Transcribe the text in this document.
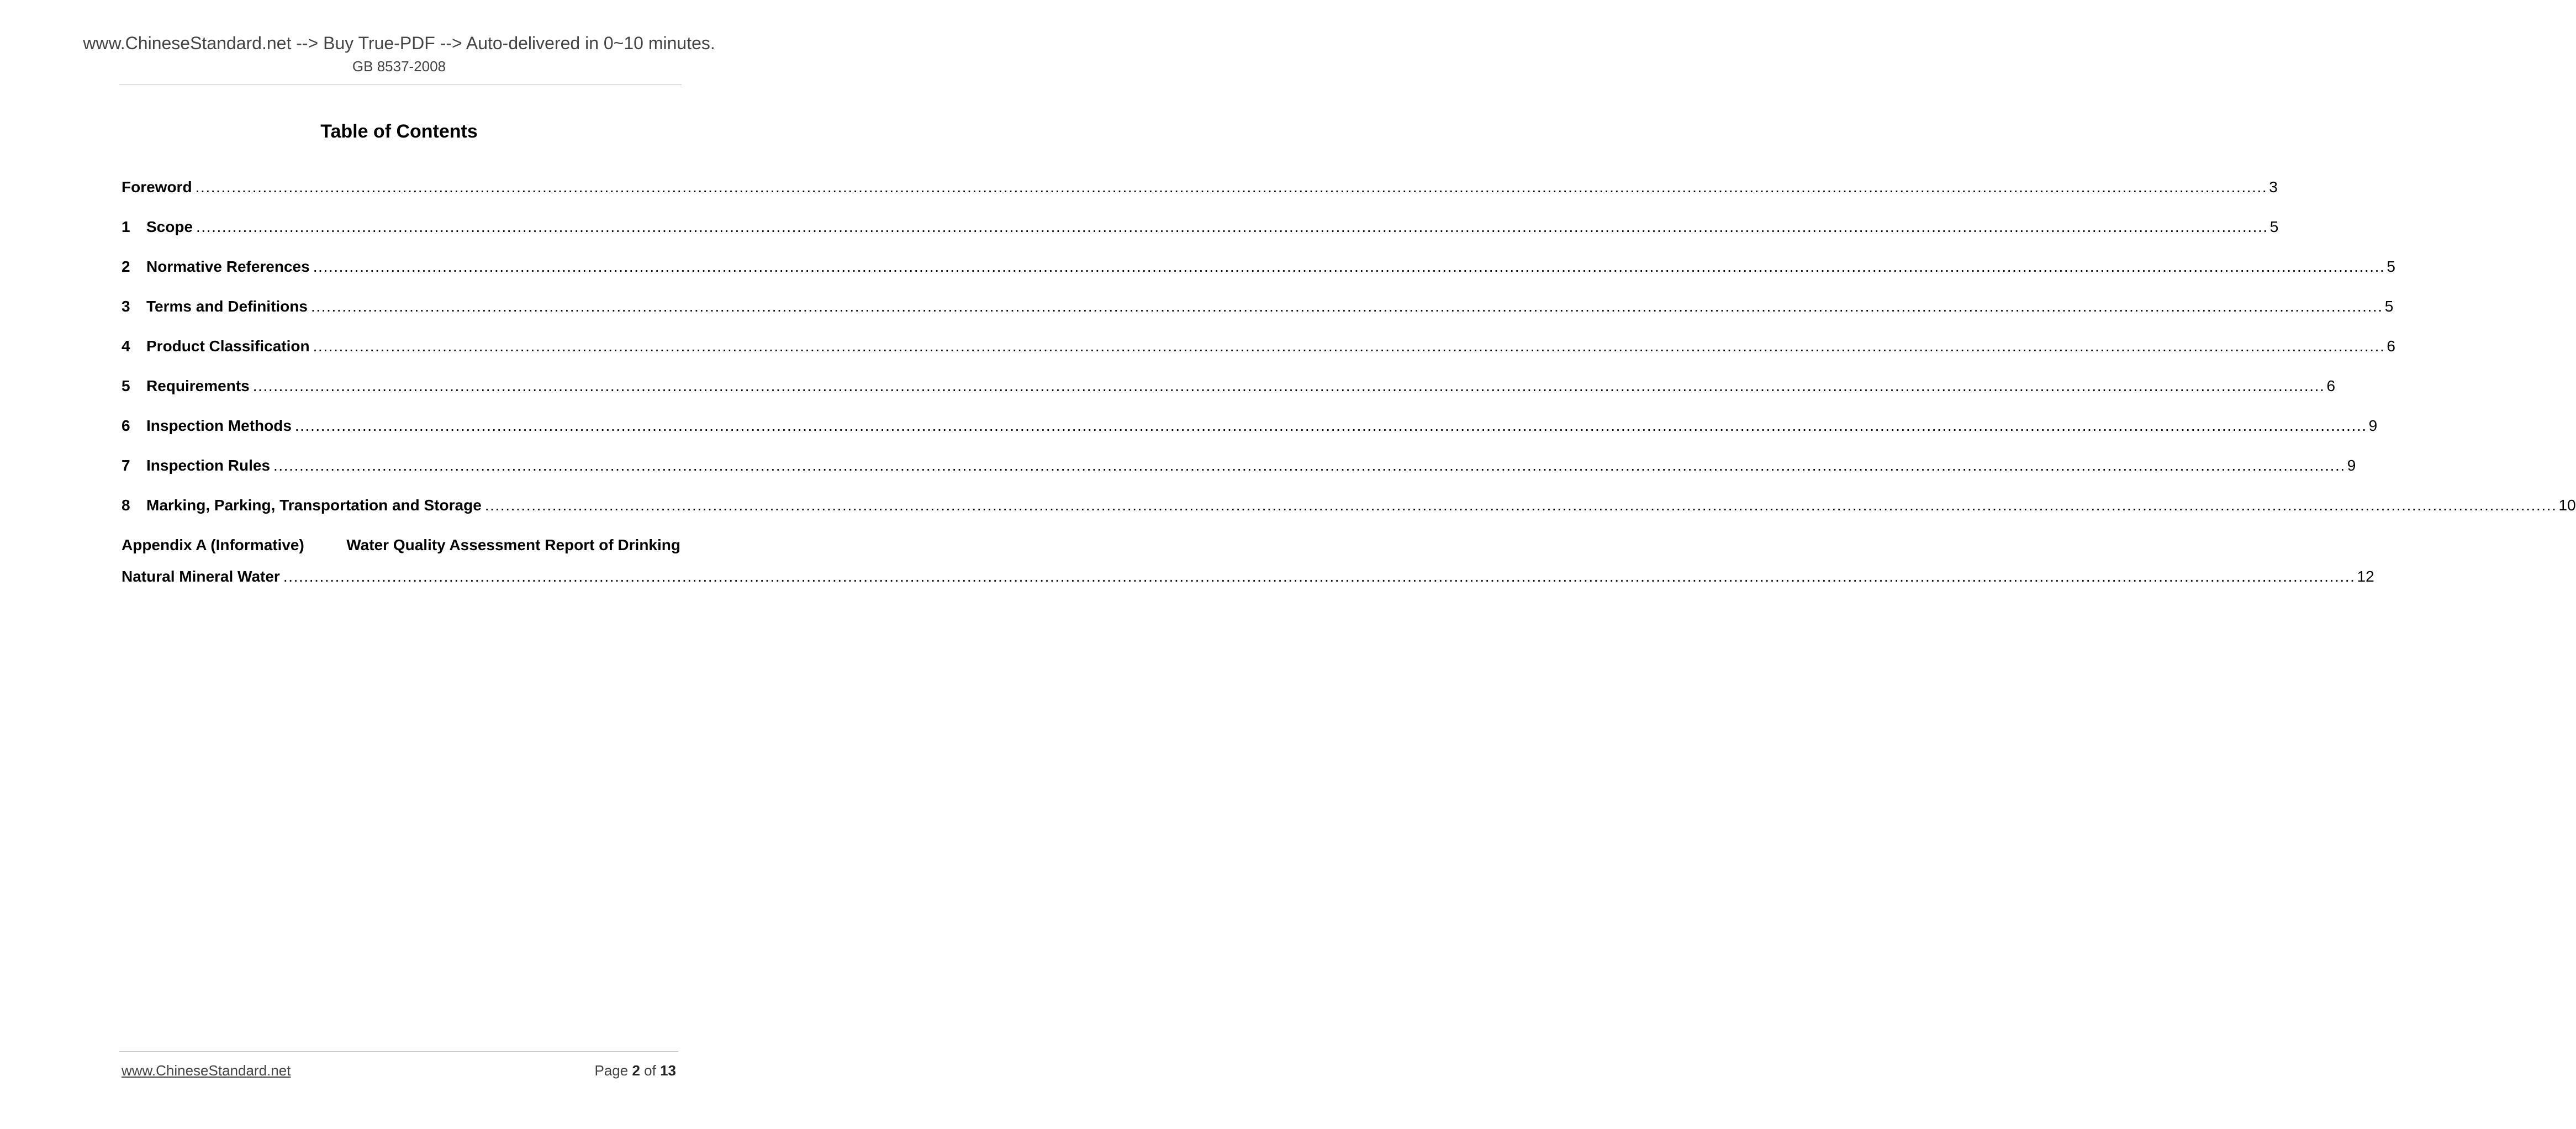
www.ChineseStandard.net --> Buy True-PDF --> Auto-delivered in 0~10 minutes.
GB 8537-2008
Table of Contents
Foreword ................................................................................................................................................................................................................................................................................................................................................................................................................ 3
1	Scope ................................................................................................................................................................................................................................................................................................................................................................................................................ 5
2	Normative References ................................................................................................................................................................................................................................................................................................................................................................................................................ 5
3	Terms and Definitions ................................................................................................................................................................................................................................................................................................................................................................................................................ 5
4	Product Classification ................................................................................................................................................................................................................................................................................................................................................................................................................ 6
5	Requirements ................................................................................................................................................................................................................................................................................................................................................................................................................ 6
6	Inspection Methods ................................................................................................................................................................................................................................................................................................................................................................................................................ 9
7	Inspection Rules ................................................................................................................................................................................................................................................................................................................................................................................................................ 9
8	Marking, Parking, Transportation and Storage ................................................................................................................................................................................................................................................................................................................................................................................................................ 10
Appendix A (Informative)	Water Quality Assessment Report of Drinking
Natural Mineral Water ................................................................................................................................................................................................................................................................................................................................................................................................................ 12
www.ChineseStandard.net	Page 2 of 13
